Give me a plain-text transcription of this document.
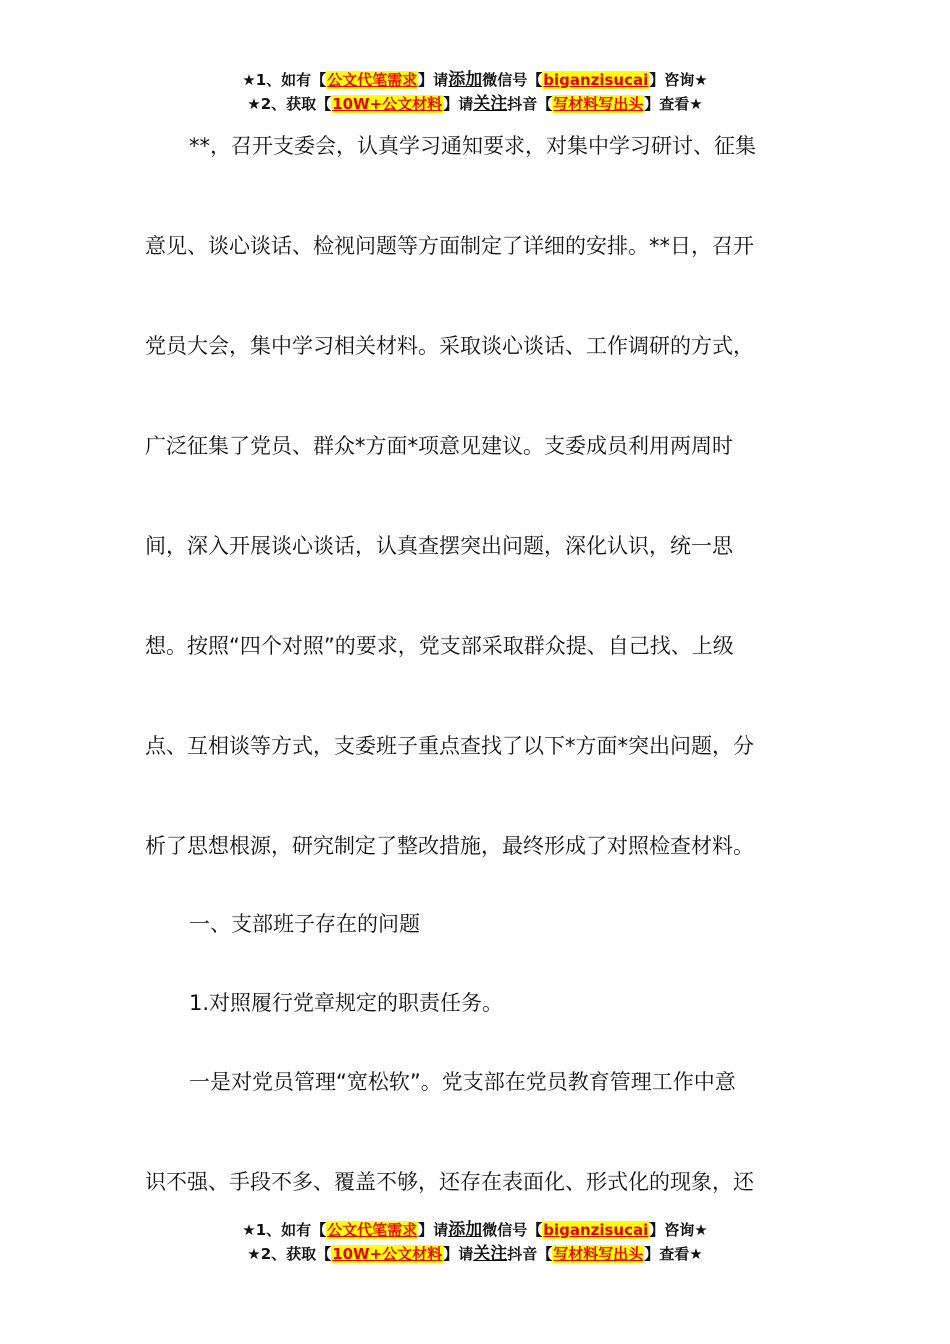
★1、如有【公文代笔需求】请添加微信号【biganzisucai】咨询★
★2、获取【10W+公文材料】请关注抖音【写材料写出头】查看★
**，召开支委会，认真学习通知要求，对集中学习研讨、征集
意见、谈心谈话、检视问题等方面制定了详细的安排。**日，召开
党员大会，集中学习相关材料。采取谈心谈话、工作调研的方式，
广泛征集了党员、群众*方面*项意见建议。支委成员利用两周时
间，深入开展谈心谈话，认真查摆突出问题，深化认识，统一思
想。按照“四个对照”的要求，党支部采取群众提、自己找、上级
点、互相谈等方式，支委班子重点查找了以下*方面*突出问题，分
析了思想根源，研究制定了整改措施，最终形成了对照检查材料。
一、支部班子存在的问题
1.对照履行党章规定的职责任务。
一是对党员管理“宽松软”。党支部在党员教育管理工作中意
识不强、手段不多、覆盖不够，还存在表面化、形式化的现象，还
★1、如有【公文代笔需求】请添加微信号【biganzisucai】咨询★
★2、获取【10W+公文材料】请关注抖音【写材料写出头】查看★
